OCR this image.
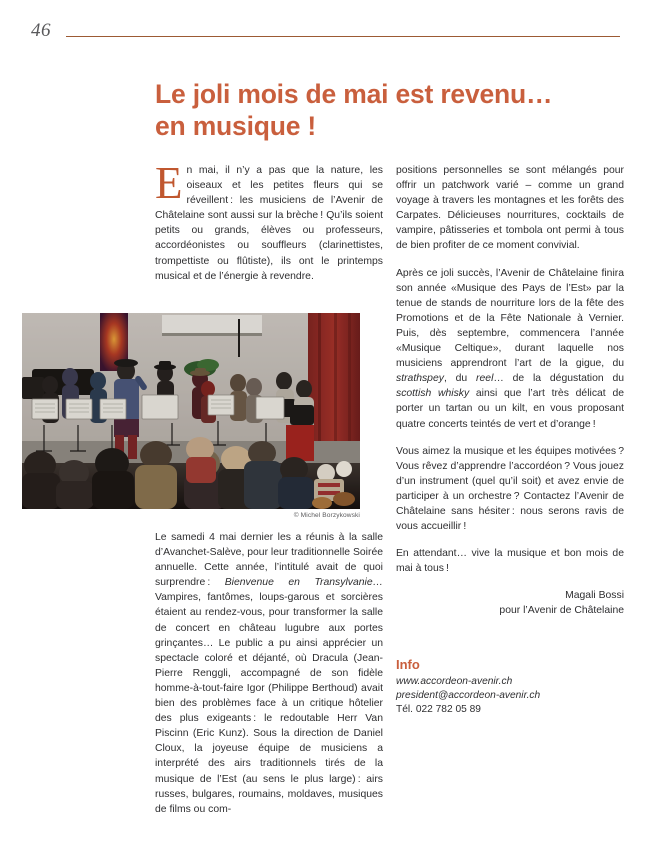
46
Le joli mois de mai est revenu…
en musique !

En mai, il n’y a pas que la nature, les oiseaux et les petites fleurs qui se réveillent : les musiciens de l’Avenir de Châtelaine sont aussi sur la brèche ! Qu’ils soient petits ou grands, élèves ou professeurs, accordéonistes ou souffleurs (clarinettistes, trompettiste ou flûtiste), ils ont le printemps musical et de l’énergie à revendre.

© Michel Borzykowski

Le samedi 4 mai dernier les a réunis à la salle d’Avanchet-Salève, pour leur traditionnelle Soirée annuelle. Cette année, l’intitulé avait de quoi surprendre : Bienvenue en Transylvanie… Vampires, fantômes, loups-garous et sorcières étaient au rendez-vous, pour transformer la salle de concert en château lugubre aux portes grinçantes… Le public a pu ainsi apprécier un spectacle coloré et déjanté, où Dracula (Jean-Pierre Renggli, accompagné de son fidèle homme-à-tout-faire Igor (Philippe Berthoud) avait bien des problèmes face à un critique hôtelier des plus exigeants : le redoutable Herr Van Piscinn (Eric Kunz). Sous la direction de Daniel Cloux, la joyeuse équipe de musiciens a interprété des airs traditionnels tirés de la musique de l’Est (au sens le plus large) : airs russes, bulgares, roumains, moldaves, musiques de films ou com-

positions personnelles se sont mélangés pour offrir un patchwork varié – comme un grand voyage à travers les montagnes et les forêts des Carpates. Délicieuses nourritures, cocktails de vampire, pâtisseries et tombola ont permi à tous de bien profiter de ce moment convivial.

Après ce joli succès, l’Avenir de Châtelaine finira son année «Musique des Pays de l’Est» par la tenue de stands de nourriture lors de la fête des Promotions et de la Fête Nationale à Vernier. Puis, dès septembre, commencera l’année «Musique Celtique», durant laquelle nos musiciens apprendront l’art de la gigue, du strathspey, du reel… de la dégustation du scottish whisky ainsi que l’art très délicat de porter un tartan ou un kilt, en vous proposant quatre concerts teintés de vert et d’orange !

Vous aimez la musique et les équipes motivées ? Vous rêvez d’apprendre l’accordéon ? Vous jouez d’un instrument (quel qu’il soit) et avez envie de participer à un orchestre ? Contactez l’Avenir de Châtelaine sans hésiter : nous serons ravis de vous accueillir !

En attendant… vive la musique et bon mois de mai à tous !

Magali Bossi
pour l’Avenir de Châtelaine
Info
www.accordeon-avenir.ch
president@accordeon-avenir.ch
Tél. 022 782 05 89
